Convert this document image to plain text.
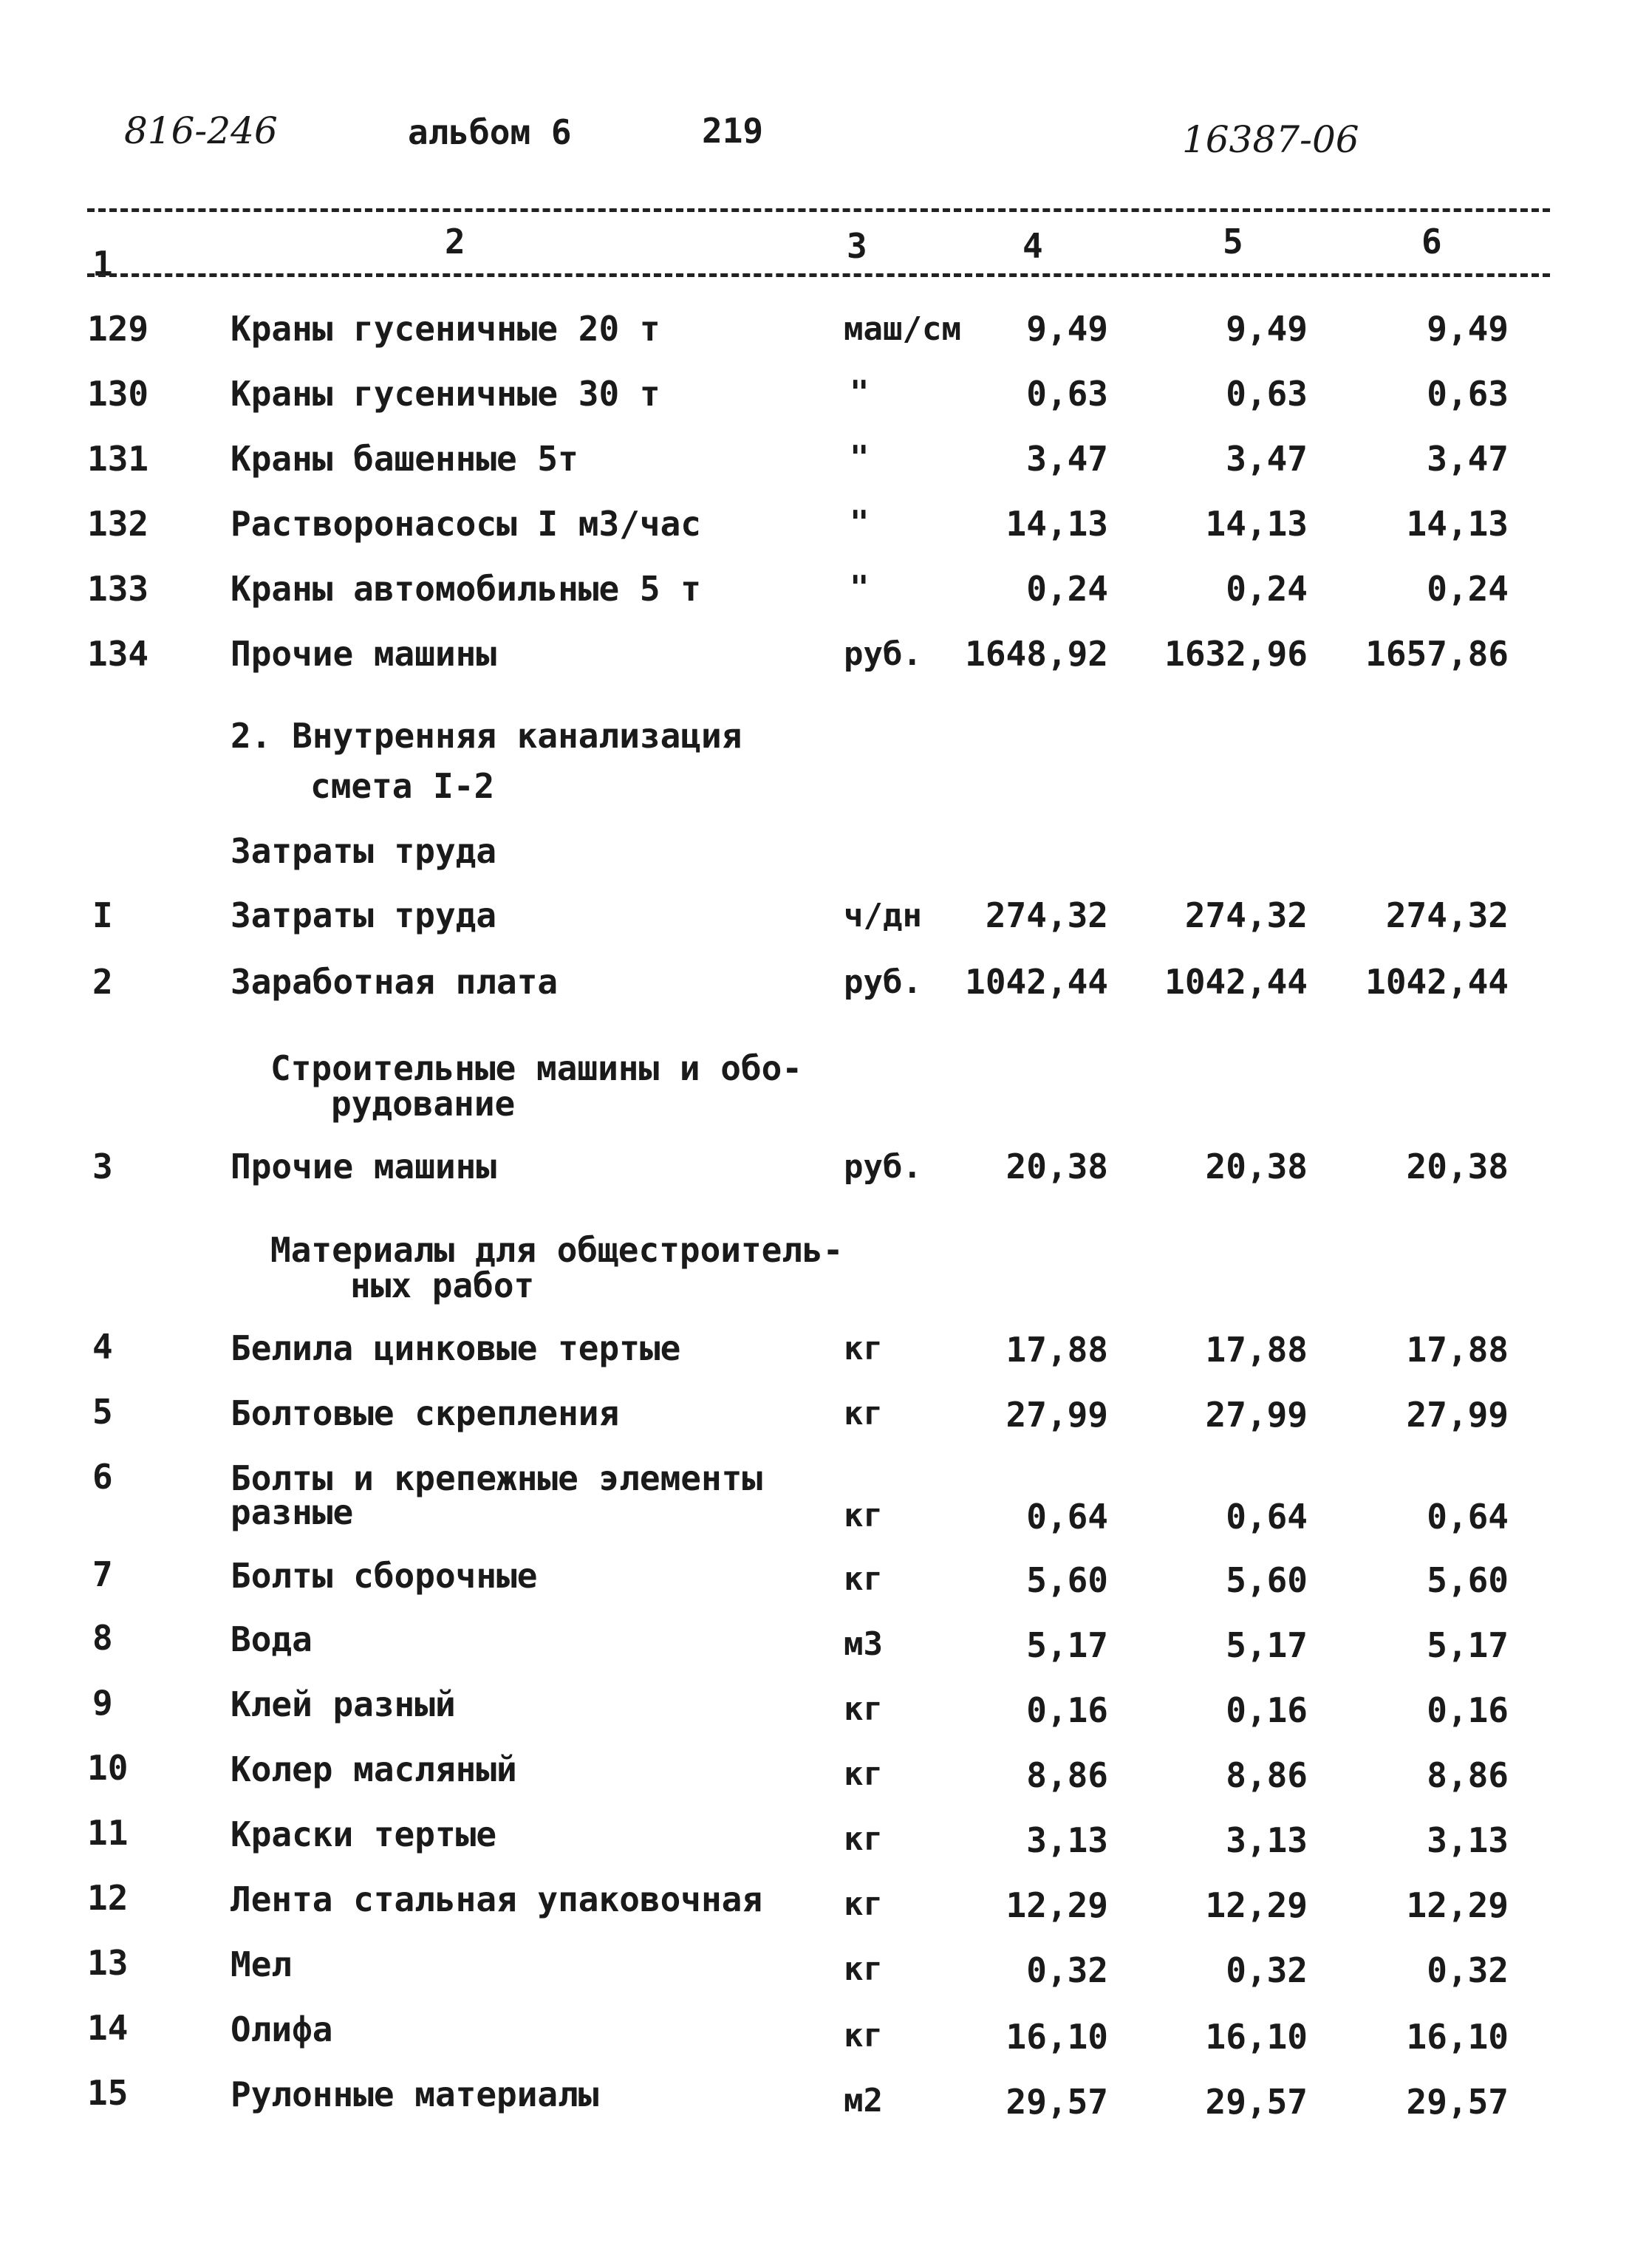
816-246	альбом 6	219	16387-06
1
2	3	4	5	6
129 Краны гусеничные 20 т	маш/см	9,49	9,49	9,49
130 Краны гусеничные 30 т	"	0,63	0,63	0,63
131 Краны башенные 5т	"	3,47	3,47	3,47
132 Растворонасосы I м3/час	"	14,13	14,13	14,13
133 Краны автомобильные 5 т	"	0,24	0,24	0,24
134 Прочие машины	руб.	1648,92	1632,96	1657,86
2. Внутренняя канализация
смета I-2
Затраты труда
I	Затраты труда	ч/дн	274,32	274,32	274,32
2	Заработная плата	руб.	1042,44	1042,44	1042,44
Строительные машины и обо-
рудование
3	Прочие машины	руб.	20,38	20,38	20,38
Материалы для общестроитель-
ных работ
4	Белила цинковые тертые	кг	17,88	17,88	17,88
5	Болтовые скрепления	кг	27,99	27,99	27,99
6	Болты и крепежные элементы
разные	кг	0,64	0,64	0,64
7	Болты сборочные	кг	5,60	5,60	5,60
8	Вода	м3	5,17	5,17	5,17
9	Клей разный	кг	0,16	0,16	0,16
10	Колер масляный	кг	8,86	8,86	8,86
11	Краски тертые	кг	3,13	3,13	3,13
12	Лента стальная упаковочная кг	12,29	12,29	12,29
13	Мел	кг	0,32	0,32	0,32
14	Олифа	кг	16,10	16,10	16,10
15	Рулонные материалы	м2	29,57	29,57	29,57
